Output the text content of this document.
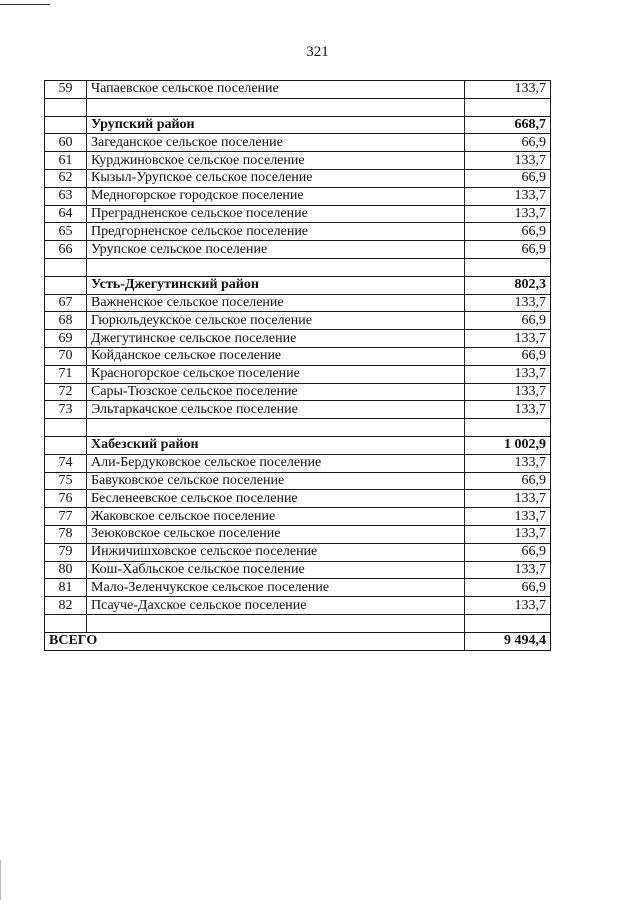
321
59	Чапаевское сельское поселение	133,7

	Урупский район	668,7
60	Загеданское сельское поселение	66,9
61	Курджиновское сельское поселение	133,7
62	Кызыл-Урупское сельское поселение	66,9
63	Медногорское городское поселение	133,7
64	Преградненское сельское поселение	133,7
65	Предгорненское сельское поселение	66,9
66	Урупское сельское поселение	66,9

	Усть-Джегутинский район	802,3
67	Важненское сельское поселение	133,7
68	Гюрюльдеукское сельское поселение	66,9
69	Джегутинское сельское поселение	133,7
70	Койданское сельское поселение	66,9
71	Красногорское сельское поселение	133,7
72	Сары-Тюзское сельское поселение	133,7
73	Эльтаркачское сельское поселение	133,7

	Хабезский район	1 002,9
74	Али-Бердуковское сельское поселение	133,7
75	Бавуковское сельское поселение	66,9
76	Бесленеевское сельское поселение	133,7
77	Жаковское сельское поселение	133,7
78	Зеюковское сельское поселение	133,7
79	Инжичишховское сельское поселение	66,9
80	Кош-Хабльское сельское поселение	133,7
81	Мало-Зеленчукское сельское поселение	66,9
82	Псауче-Дахское сельское поселение	133,7

ВСЕГО		9 494,4
